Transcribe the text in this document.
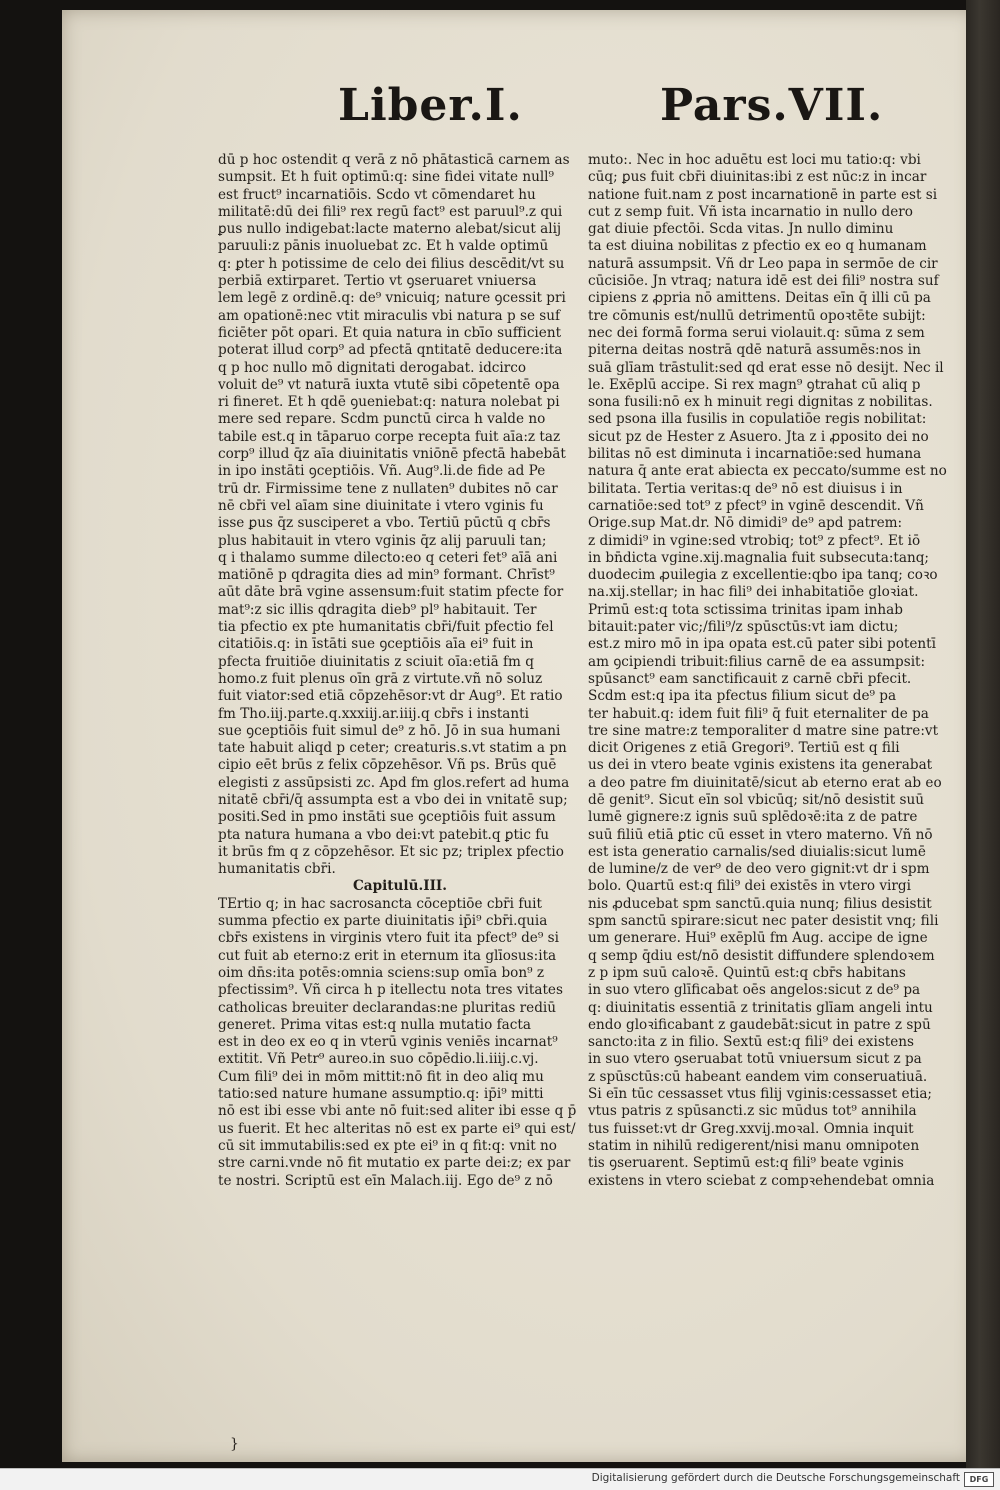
Liber.I.	Pars.VII.
dū p hoc ostendit q verā z nō phātasticā carnem as
sumpsit. Et h fuit optimū:q: sine fidei vitate null⁹
est fruct⁹ incarnatiōis. Scdo vt cōmendaret hu
militatē:dū dei fili⁹ rex regū fact⁹ est paruul⁹.z qui
ꝑus nullo indigebat:lacte materno alebat/sicut alij
paruuli:z pānis inuoluebat zc. Et h valde optimū
q: ꝑter h potissime de celo dei filius descēdit/vt su
perbiā extirparet. Tertio vt ꝯseruaret vniuersa
lem legē z ordinē.q: de⁹ vnicuiq; nature ꝯcessit pri
am opationē:nec vtit miraculis vbi natura p se suf
ficiēter pōt opari. Et quia natura in cbī̄o sufficient
poterat illud corp⁹ ad pfectā qntitatē deducere:ita
q p hoc nullo mō dignitati derogabat. idcirco
voluit de⁹ vt naturā iuxta vtutē sibi cōpetentē opa
ri fineret. Et h qdē ꝯueniebat:q: natura nolebat pi
mere sed repare. Scdm punctū circa h valde no
tabile est.q in tāparuo corpe recepta fuit aīa:z taz
corp⁹ illud q̄z aīa diuinitatis vniōnē pfectā habebāt
in ipo instāti ꝯceptiōis. Vñ. Aug⁹.li.de fide ad Pe
trū dr. Firmissime tene z nullaten⁹ dubites nō car
nē cbr̄i vel aīam sine diuinitate i vtero vginis fu
isse ꝑus q̄z susciperet a vbo. Tertiū pūctū q cbr̄s
plus habitauit in vtero vginis q̄z alij paruuli tan;
q i thalamo summe dilecto:eo q ceteri fet⁹ aīā ani
matiōnē p qdragita dies ad min⁹ formant. Chrīst⁹
aūt dāte brā vgine assensum:fuit statim pfecte for
mat⁹:z sic illis qdragita dieb⁹ pl⁹ habitauit. Ter
tia pfectio ex pte humanitatis cbr̄i/fuit pfectio fel
citatiōis.q: in īstāti sue ꝯceptiōis aīa ei⁹ fuit in
pfecta fruitiōe diuinitatis z sciuit oīa:etiā fm q
homo.z fuit plenus oīn grā z virtute.vñ nō soluz
fuit viator:sed etiā cōpzehēsor:vt dr Aug⁹. Et ratio
fm Tho.iij.parte.q.xxxiij.ar.iiij.q cbr̄s i instanti
sue ꝯceptiōis fuit simul de⁹ z hō. Jō in sua humani
tate habuit aliqd p ceter; creaturis.s.vt statim a pn
cipio eēt brūs z felix cōpzehēsor. Vñ ps. Brūs quē
elegisti z assūpsisti zc. Apd fm glos.refert ad huma
nitatē cbr̄i/q̄ assumpta est a vbo dei in vnitatē sup;
positi.Sed in pmo instāti sue ꝯceptiōis fuit assum
pta natura humana a vbo dei:vt patebit.q ꝑtic fu
it brūs fm q z cōpzehēsor. Et sic pz; triplex pfectio
humanitatis cbr̄i.
Capitulū.III.
TErtio q; in hac sacrosancta cōceptiōe cbr̄i fuit
summa pfectio ex parte diuinitatis ip̄i⁹ cbr̄i.quia
cbr̄s existens in virginis vtero fuit ita pfect⁹ de⁹ si
cut fuit ab eterno:z erit in eternum ita glīosus:ita
oim dn̄s:ita potēs:omnia sciens:sup omīa bon⁹ z
pfectissim⁹. Vñ circa h p itellectu nota tres vitates
catholicas breuiter declarandas:ne pluritas rediū
generet. Prima vitas est:q nulla mutatio facta
est in deo ex eo q in vterū vginis veniēs incarnat⁹
extitit. Vñ Petr⁹ aureo.in suo cōpēdio.li.iiij.c.vj.
Cum fili⁹ dei in mōm mittit:nō fit in deo aliq mu
tatio:sed nature humane assumptio.q: ip̄i⁹ mitti
nō est ibi esse vbi ante nō fuit:sed aliter ibi esse q p̄
us fuerit. Et hec alteritas nō est ex parte ei⁹ qui est/
cū sit immutabilis:sed ex pte ei⁹ in q fit:q: vnit no
stre carni.vnde nō fit mutatio ex parte dei:z; ex par
te nostri. Scriptū est eīn Malach.iij. Ego de⁹ z nō
muto:. Nec in hoc aduētu est loci mu tatio:q: vbi
cūq; ꝑus fuit cbr̄i diuinitas:ibi z est nūc:z in incar
natione fuit.nam z post incarnationē in parte est si
cut z semp fuit. Vñ ista incarnatio in nullo dero
gat diuie pfectōi. Scda vitas. Jn nullo diminu
ta est diuina nobilitas z pfectio ex eo q humanam
naturā assumpsit. Vñ dr Leo papa in sermōe de cir
cūcisiōe. Jn vtraq; natura idē est dei fili⁹ nostra suf
cipiens z ꝓpria nō amittens. Deitas eīn q̄ illi cū pa
tre cōmunis est/nullū detrimentū opoꝛtēte subijt:
nec dei formā forma serui violauit.q: sūma z sem
piterna deitas nostrā qdē naturā assumēs:nos in
suā glīam trāstulit:sed qd erat esse nō desijt. Nec il
le. Exēplū accipe. Si rex magn⁹ ꝯtrahat cū aliq p
sona fusili:nō ex h minuit regi dignitas z nobilitas.
sed psona illa fusilis in copulatiōe regis nobilitat:
sicut pz de Hester z Asuero. Jta z i ꝓposito dei no
bilitas nō est diminuta i incarnatiōe:sed humana
natura q̄ ante erat abiecta ex peccato/summe est no
bilitata. Tertia veritas:q de⁹ nō est diuisus i in
carnatiōe:sed tot⁹ z pfect⁹ in vginē descendit. Vñ
Orige.sup Mat.dr. Nō dimidi⁹ de⁹ apd patrem:
z dimidi⁹ in vgine:sed vtrobiq; tot⁹ z pfect⁹. Et iō
in bn̄dicta vgine.xij.magnalia fuit subsecuta:tanq;
duodecim ꝓuilegia z excellentie:qbo ipa tanq; coꝛo
na.xij.stellar; in hac fili⁹ dei inhabitatiōe gloꝛiat.
Primū est:q tota sctissima trinitas ipam inhab
bitauit:pater vic;/fili⁹/z spūsctūs:vt iam dictu;
est.z miro mō in ipa opata est.cū pater sibi potentī
am ꝯcipiendi tribuit:filius carnē de ea assumpsit:
spūsanct⁹ eam sanctificauit z carnē cbr̄i pfecit.
Scdm est:q ipa ita pfectus filium sicut de⁹ pa
ter habuit.q: idem fuit fili⁹ q̄ fuit eternaliter de pa
tre sine matre:z temporaliter d matre sine patre:vt
dicit Origenes z etiā Gregori⁹. Tertiū est q fili
us dei in vtero beate vginis existens ita generabat
a deo patre fm diuinitatē/sicut ab eterno erat ab eo
dē genit⁹. Sicut eīn sol vbicūq; sit/nō desistit suū
lumē gignere:z ignis suū splēdoꝛē:ita z de patre
suū filiū etiā ꝑtic cū esset in vtero materno. Vñ nō
est ista generatio carnalis/sed diuialis:sicut lumē
de lumine/z de ver⁹ de deo vero gignit:vt dr i spm
bolo. Quartū est:q fili⁹ dei existēs in vtero virgi
nis ꝓducebat spm sanctū.quia nunq; filius desistit
spm sanctū spirare:sicut nec pater desistit vnq; fili
um generare. Hui⁹ exēplū fm Aug. accipe de igne
q semp q̄diu est/nō desistit diffundere splendoꝛem
z p ipm suū caloꝛē. Quintū est:q cbr̄s habitans
in suo vtero glīficabat oēs angelos:sicut z de⁹ pa
q: diuinitatis essentiā z trinitatis glīam angeli intu
endo gloꝛificabant z gaudebāt:sicut in patre z spū
sancto:ita z in filio. Sextū est:q fili⁹ dei existens
in suo vtero ꝯseruabat totū vniuersum sicut z pa
z spūsctūs:cū habeant eandem vim conseruatiuā.
Si eīn tūc cessasset vtus filij vginis:cessasset etia;
vtus patris z spūsancti.z sic mūdus tot⁹ annihila
tus fuisset:vt dr Greg.xxvij.moꝛal. Omnia inquit
statim in nihilū redigerent/nisi manu omnipoten
tis ꝯseruarent. Septimū est:q fili⁹ beate vginis
existens in vtero sciebat z compꝛehendebat omnia
}
Digitalisierung gefördert durch die Deutsche Forschungsgemeinschaft	DFG
